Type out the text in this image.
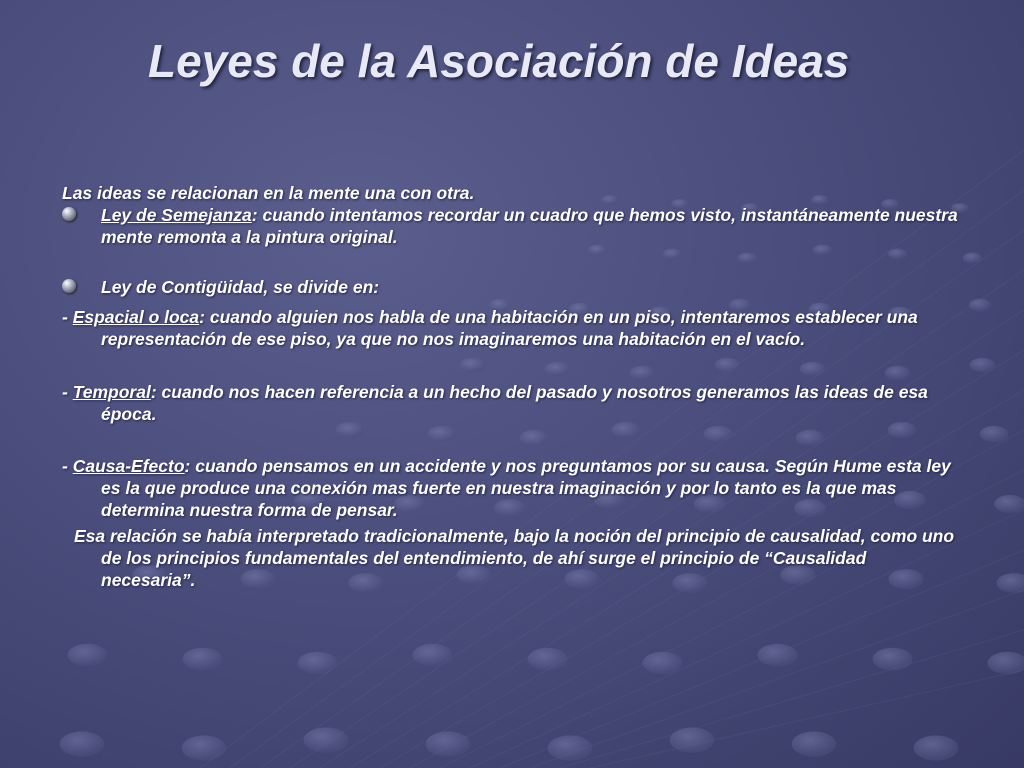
Leyes de la Asociación de Ideas
Las ideas se relacionan en la mente una con otra.
Ley de Semejanza: cuando intentamos recordar un cuadro que hemos visto, instantáneamente nuestra mente remonta a la pintura original.
Ley de Contigüidad, se divide en:
- Espacial o loca: cuando alguien nos habla de una habitación en un piso, intentaremos establecer una representación de ese piso, ya que no nos imaginaremos una habitación en el vacío.
- Temporal: cuando nos hacen referencia a un hecho del pasado y nosotros generamos las ideas de esa época.
- Causa-Efecto: cuando pensamos en un accidente y nos preguntamos por su causa. Según Hume esta ley es la que produce una conexión mas fuerte en nuestra imaginación y por lo tanto es la que mas determina nuestra forma de pensar.
Esa relación se había interpretado tradicionalmente, bajo la noción del principio de causalidad, como uno de los principios fundamentales del entendimiento, de ahí surge el principio de “Causalidad necesaria”.
